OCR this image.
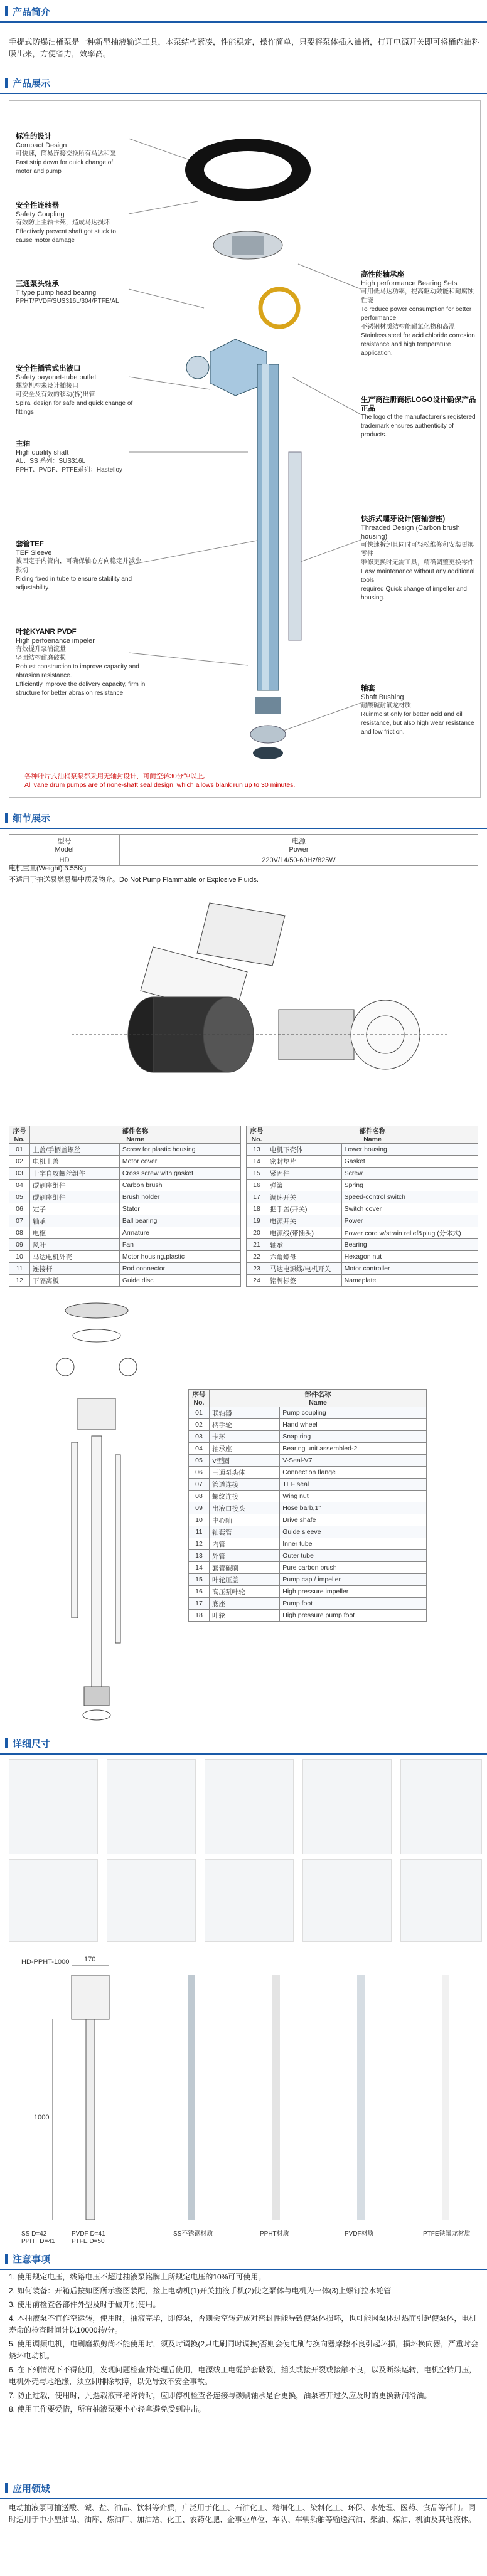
产品简介
手提式防爆油桶泵是一种新型抽液输送工具，本泵结构紧凑，性能稳定，操作简单，只要将泵体插入油桶，打开电源开关即可将桶内油料吸出来，方便省力，效率高。
产品展示
标准的设计
Compact Design
可快速，简易连接交换所有马达和泵
Fast strip down for quick change of motor and pump
安全性连轴器
Safety Coupling
有效防止主轴卡死，造成马达损坏
Effectively prevent shaft got stuck to cause motor damage
三通泵头轴承
T type pump head bearing
PPHT/PVDF/SUS316L/304/PTFE/AL
安全性插管式出液口
Safety bayonet-tube outlet
螺旋机构来设计插接口
可安全及有效的移动(拆)出管
Spiral design for safe and quick change of fittings
主轴
High quality shaft
AL、SS 系列：SUS316L
PPHT、PVDF、PTFE系列：Hastelloy
套管TEF
TEF Sleeve
被固定于内管内，可确保轴心方向稳定并减少振动
Riding fixed in tube to ensure stability and adjustability.
叶轮KYANR PVDF
High perfoenance impeler
有效提升泵浦流量
坚固结构耐磨破损
Robust construction to improve capacity and abrasion resistance.
Efficiently improve the delivery capacity, firm in structure for better abrasion resistance
高性能轴承座
High performance Bearing Sets
可用低马达功率，提高驱动效能和耐腐蚀性能
To reduce power consumption for better performance
不锈钢材质结构能耐氯化物和高温
Stainless steel for acid chloride corrosion resistance and high temperature application.
生产商注册商标LOGO设计确保产品正品
The logo of the manufacturer's registered trademark ensures authenticity of products.
快拆式螺牙设计(管轴套座)
Threaded Design (Carbon brush housing)
可快速拆卸且同时可轻松维修和安装更换零件
维修更换时无需工具，精确调整更换零件
Easy maintenance without any additional tools
required Quick change of impeller and housing.
轴套
Shaft Bushing
耐酸碱耐氟龙材质
Ruinmoist only for better acid and oil resistance, but also high wear resistance and low friction.
各种叶片式油桶泵泵都采用无轴封设计，可耐空转30分钟以上。
All vane drum pumps are of none-shaft seal design, which allows blank run up to 30 minutes.
细节展示
型号
Model	电源
Power
HD	220V/14/50-60Hz/825W
电机重量(Weight):3.55Kg
不适用于抽送易燃易爆中质及物介。Do Not Pump Flammable or Explosive Fluids.
序号
No.	部件名称
Name	
01	上盖/手柄盖螺丝	Screw for plastic housing
02	电机上盖	Motor cover
03	十字自攻螺丝组件	Cross screw with gasket
04	碳刷座组件	Carbon brush
05	碳刷座组件	Brush holder
06	定子	Stator
07	轴承	Ball bearing
08	电枢	Armature
09	风叶	Fan
10	马达电机外壳	Motor housing,plastic
11	连接杆	Rod connector
12	下隔离板	Guide disc
序号
No.	部件名称
Name	
13	电机下壳体	Lower housing
14	密封垫片	Gasket
15	紧固件	Screw
16	弹簧	Spring
17	调速开关	Speed-control switch
18	把手盖(开关)	Switch cover
19	电源开关	Power
20	电源线(带插头)	Power cord w/strain relief&plug (分体式)
21	轴承	Bearing
22	六角螺母	Hexagon nut
23	马达电源线/电机开关	Motor controller
24	铭牌标签	Nameplate
序号
No.	部件名称
Name	
01	联轴器	Pump coupling
02	柄手轮	Hand wheel
03	卡环	Snap ring
04	轴承座	Bearing unit assembled-2
05	V型圈	V-Seal-V7
06	三通泵头体	Connection flange
07	管道连接	TEF seal
08	螺纹连接	Wing nut
09	出液口接头	Hose barb,1"
10	中心轴	Drive shafe
11	轴套管	Guide sleeve
12	内管	Inner tube
13	外管	Outer tube
14	套管碳刷	Pure carbon brush
15	叶轮压盖	Pump cap / impeller
16	高压泵叶轮	High pressure impeller
17	底座	Pump foot
18	叶轮	High pressure pump foot
详细尺寸
HD-PPHT-1000 170
1000
SS D=42
PPHT D=41
PVDF D=41
PTFE D=50
SS不锈钢材质	PPHT材质	PVDF材质	PTFE铁氟龙材质
注意事项

1. 使用规定电压，线路电压不超过抽液泵铭牌上所规定电压的10%可可使用。

2. 如何装备：开箱后按如图所示整图装配，接上电动机(1)开关抽液手机(2)使之泵体与电机为一体(3)上螺钉拉水轮管

3. 使用前检查各部件外型及时于破开机使用。

4. 本抽液泵不宜作空运转，使用时，抽液完毕，即停泵，否则会空转造成对密封性能导致使泵体损坏，也可能因泵体过热而引起使泵体，电机寿命的检查时间计以10000转/分。

5. 使用调频电机，电刷磨损剪尚不能使用时，须及时调换(2只电刷同时调换)否则会使电刷与换向器摩擦不良引起环损，损坏换向器，严重时会烧坏电动机。

6. 在下列情况下不得使用，发现问题检查并处理后使用，电源线工电缆护套破裂，插头或接开裂或接触不良，以及断续运转，电机空转用压，电机外壳与地绝缘，须立即排除故障，以免导致不安全事故。

7. 防止过载，使用时，凡遇载液带堵降转时，应即停机检查各连接与碳刷轴承是否更换，油泵若开过久应及时的更换新润滑油。

8. 使用工作要爱惜，所有抽液泵要小心轻拿避免受到冲击。

应用领域
电动抽液泵可抽送酸、碱、盐、油品、饮料等介质，广泛用于化工、石油化工、精细化工、染料化工、环保、水处理、医药、食品等部门。同时适用于中小型油品、油库、炼油厂、加油站、化工、农药化肥、企事业单位、车队、车辆船舶等输送汽油、柴油、煤油、机油及其他液体。
